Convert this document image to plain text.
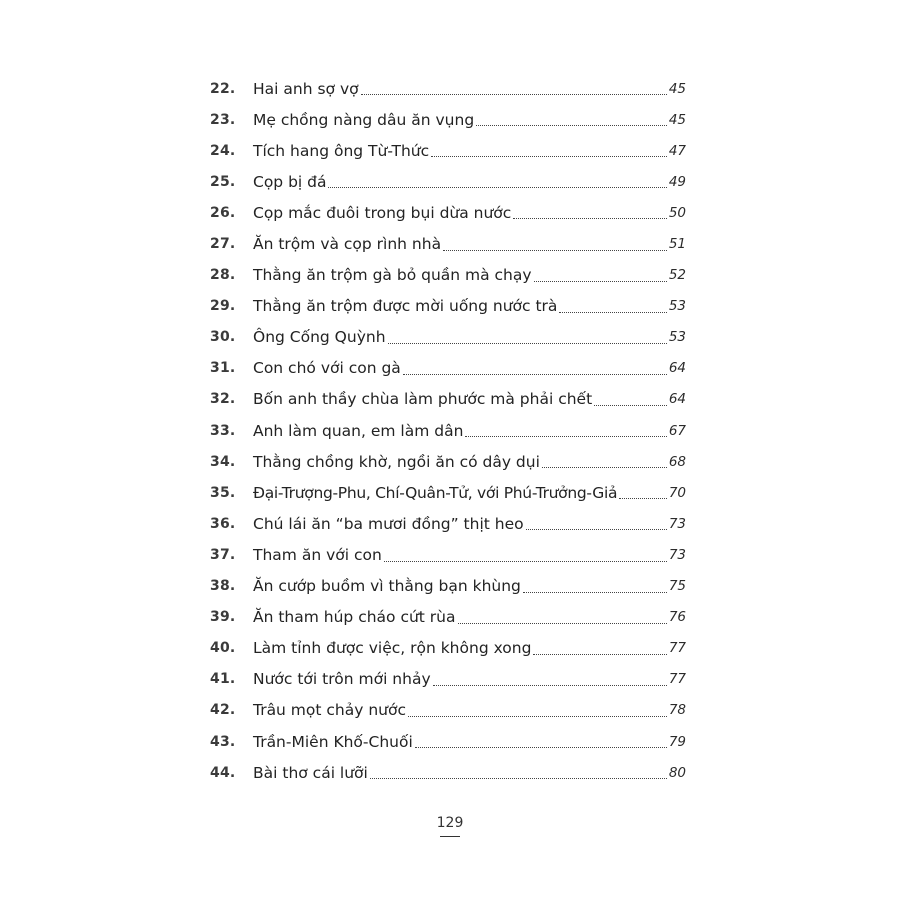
22.	Hai anh sợ vợ	45
23.	Mẹ chồng nàng dâu ăn vụng	45
24.	Tích hang ông Từ-Thức	47
25.	Cọp bị đá	49
26.	Cọp mắc đuôi trong bụi dừa nước	50
27.	Ăn trộm và cọp rình nhà	51
28.	Thằng ăn trộm gà bỏ quần mà chạy	52
29.	Thằng ăn trộm được mời uống nước trà	53
30.	Ông Cống Quỳnh	53
31.	Con chó với con gà	64
32.	Bốn anh thầy chùa làm phước mà phải chết	64
33.	Anh làm quan, em làm dân	67
34.	Thằng chồng khờ, ngồi ăn có dây dụi	68
35.	Đại-Trượng-Phu, Chí-Quân-Tử, với Phú-Trưởng-Giả	70
36.	Chú lái ăn “ba mươi đồng” thịt heo	73
37.	Tham ăn với con	73
38.	Ăn cướp buồm vì thằng bạn khùng	75
39.	Ăn tham húp cháo cứt rùa	76
40.	Làm tỉnh được việc, rộn không xong	77
41.	Nước tới trôn mới nhảy	77
42.	Trâu mọt chảy nước	78
43.	Trần-Miên Khố-Chuối	79
44.	Bài thơ cái lưỡi	80
129
